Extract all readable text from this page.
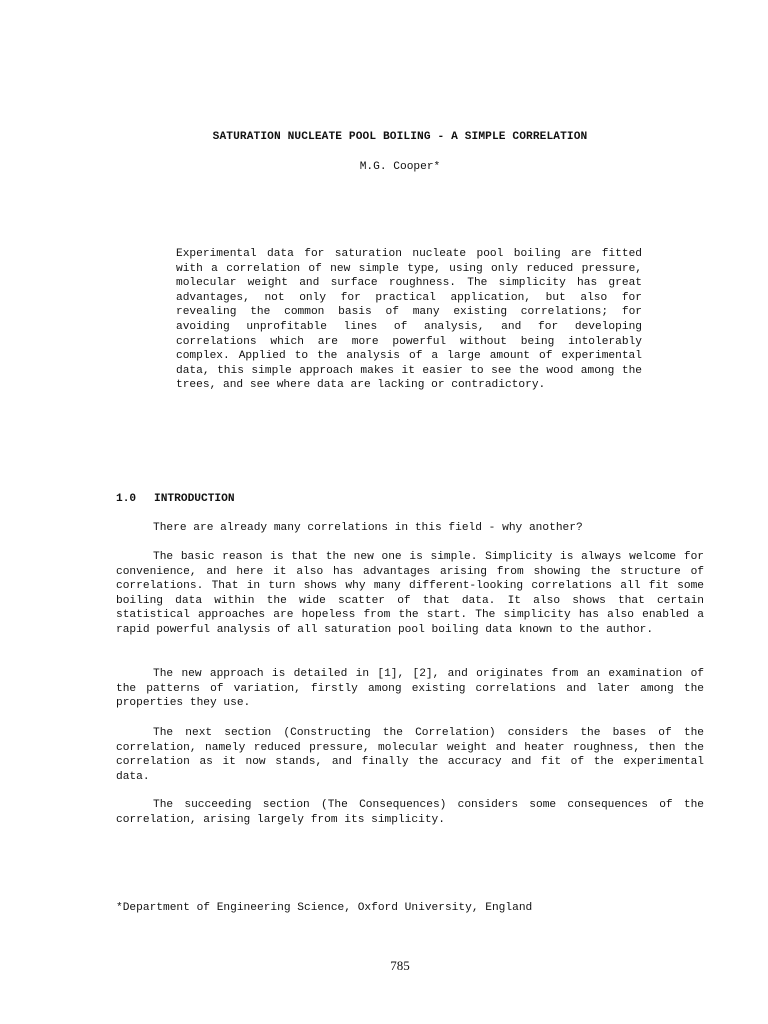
SATURATION NUCLEATE POOL BOILING - A SIMPLE CORRELATION
M.G. Cooper*
Experimental data for saturation nucleate pool boiling are fitted with a correlation of new simple type, using only reduced pressure, molecular weight and surface roughness. The simplicity has great advantages, not only for practical application, but also for revealing the common basis of many existing correlations; for avoiding unprofitable lines of analysis, and for developing correlations which are more powerful without being intolerably complex. Applied to the analysis of a large amount of experimental data, this simple approach makes it easier to see the wood among the trees, and see where data are lacking or contradictory.
1.0 INTRODUCTION

There are already many correlations in this field - why another?

The basic reason is that the new one is simple. Simplicity is always welcome for convenience, and here it also has advantages arising from showing the structure of correlations. That in turn shows why many different-looking correlations all fit some boiling data within the wide scatter of that data. It also shows that certain statistical approaches are hopeless from the start. The simplicity has also enabled a rapid powerful analysis of all saturation pool boiling data known to the author.

The new approach is detailed in [1], [2], and originates from an examination of the patterns of variation, firstly among existing correlations and later among the properties they use.

The next section (Constructing the Correlation) considers the bases of the correlation, namely reduced pressure, molecular weight and heater roughness, then the correlation as it now stands, and finally the accuracy and fit of the experimental data.

The succeeding section (The Consequences) considers some consequences of the correlation, arising largely from its simplicity.

*Department of Engineering Science, Oxford University, England
785
